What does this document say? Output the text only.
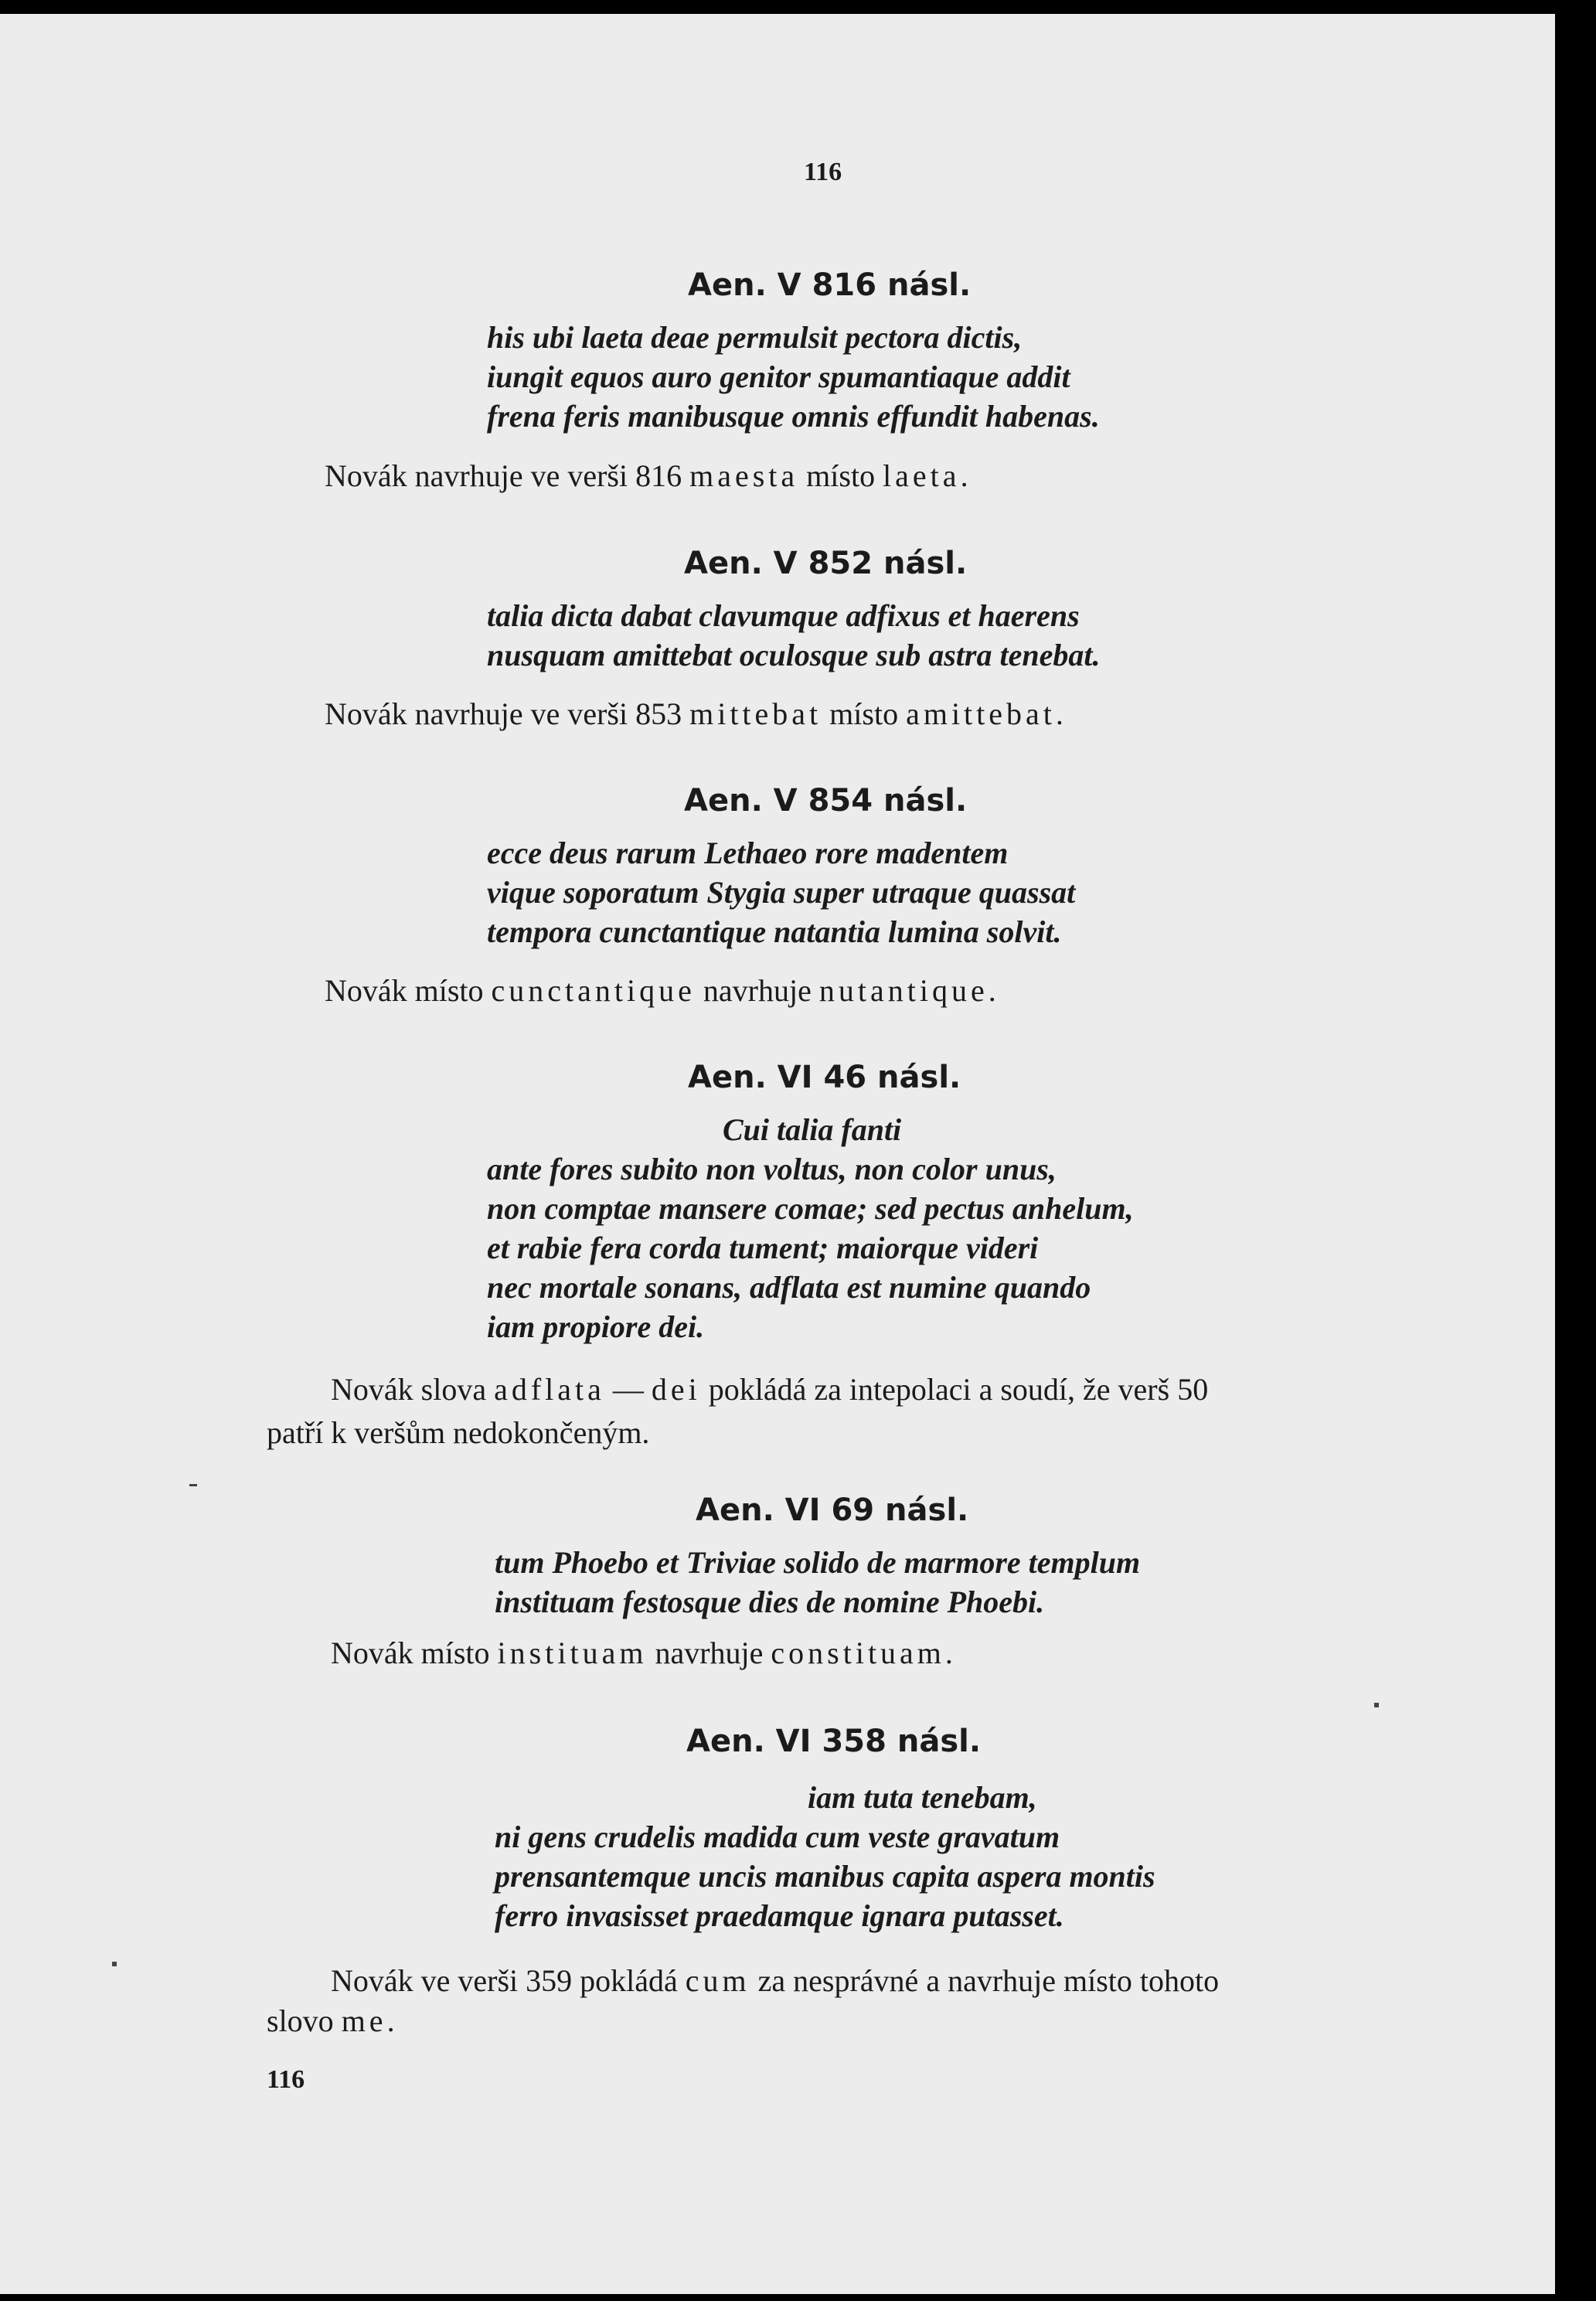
116
Aen. V 816 násl.
his ubi laeta deae permulsit pectora dictis,
iungit equos auro genitor spumantiaque addit
frena feris manibusque omnis effundit habenas.
Novák navrhuje ve verši 816 maesta místo laeta.
Aen. V 852 násl.
talia dicta dabat clavumque adfixus et haerens
nusquam amittebat oculosque sub astra tenebat.
Novák navrhuje ve verši 853 mittebat místo amittebat.
Aen. V 854 násl.
ecce deus rarum Lethaeo rore madentem
vique soporatum Stygia super utraque quassat
tempora cunctantique natantia lumina solvit.
Novák místo cunctantique navrhuje nutantique.
Aen. VI 46 násl.
Cui talia fanti
ante fores subito non voltus, non color unus,
non comptae mansere comae; sed pectus anhelum,
et rabie fera corda tument; maiorque videri
nec mortale sonans, adflata est numine quando
iam propiore dei.
Novák slova adflata — dei pokládá za intepolaci a soudí, že verš 50
patří k veršům nedokončeným.
Aen. VI 69 násl.
tum Phoebo et Triviae solido de marmore templum
instituam festosque dies de nomine Phoebi.
Novák místo instituam navrhuje constituam.
Aen. VI 358 násl.
iam tuta tenebam,
ni gens crudelis madida cum veste gravatum
prensantemque uncis manibus capita aspera montis
ferro invasisset praedamque ignara putasset.
Novák ve verši 359 pokládá cum za nesprávné a navrhuje místo tohoto
slovo me.
116
